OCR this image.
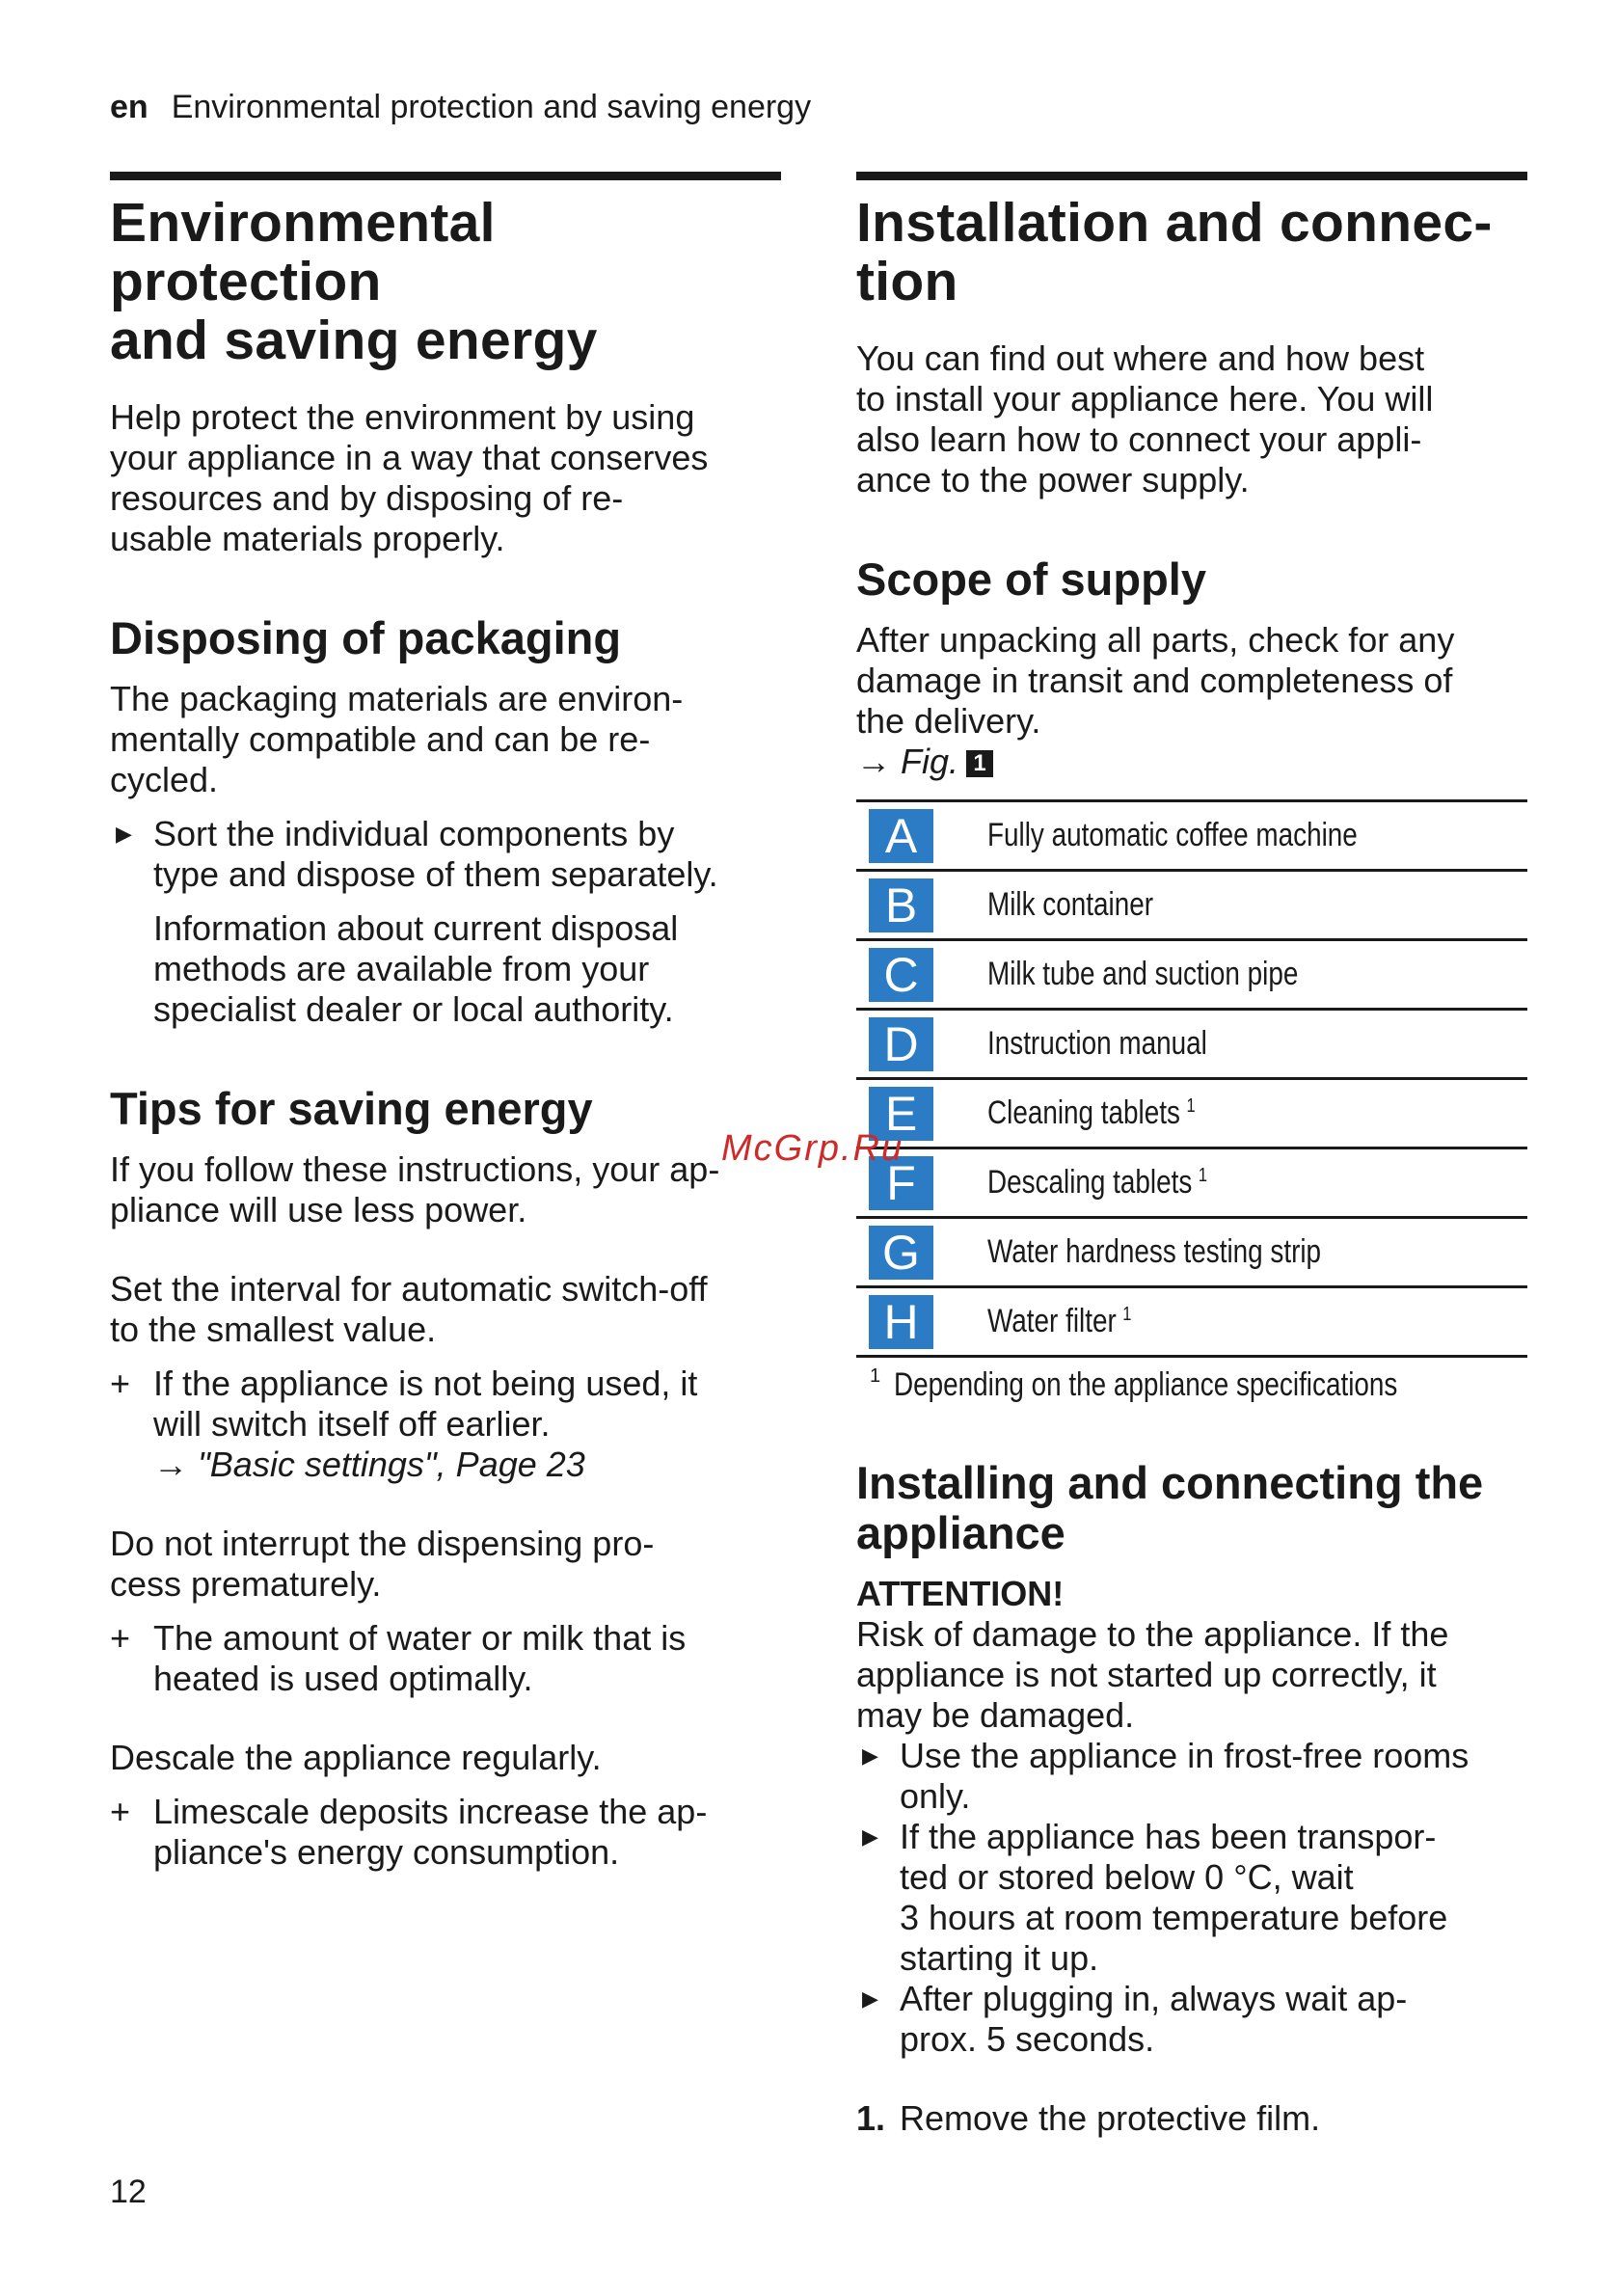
en Environmental protection and saving energy
Environmental protection
and saving energy

Help protect the environment by using
your appliance in a way that conserves
resources and by disposing of re-
usable materials properly.

Disposing of packaging

The packaging materials are environ-
mentally compatible and can be re-
cycled.

▶ Sort the individual components by
type and dispose of them separately.

Information about current disposal
methods are available from your
specialist dealer or local authority.

Tips for saving energy

If you follow these instructions, your ap-
pliance will use less power.

Set the interval for automatic switch-off
to the smallest value.

+ If the appliance is not being used, it
will switch itself off earlier.
→ "Basic settings", Page 23

Do not interrupt the dispensing pro-
cess prematurely.

+ The amount of water or milk that is
heated is used optimally.

Descale the appliance regularly.

+ Limescale deposits increase the ap-
pliance's energy consumption.
Installation and connec-
tion

You can find out where and how best
to install your appliance here. You will
also learn how to connect your appli-
ance to the power supply.

Scope of supply

After unpacking all parts, check for any
damage in transit and completeness of
the delivery.

→ Fig. 1
A	Fully automatic coffee machine

B	Milk container

C	Milk tube and suction pipe

D	Instruction manual

E	Cleaning tablets $^1$

F	Descaling tablets $^1$

G	Water hardness testing strip

H	Water filter $^1$
$^1$ Depending on the appliance specifications
Installing and connecting the
appliance
ATTENTION!

Risk of damage to the appliance. If the
appliance is not started up correctly, it
may be damaged.

▶ Use the appliance in frost-free rooms
only.
▶ If the appliance has been transpor-
ted or stored below 0 °C, wait
3 hours at room temperature before
starting it up.
▶ After plugging in, always wait ap-
prox. 5 seconds.
1. Remove the protective film.
McGrp.Ru
12
